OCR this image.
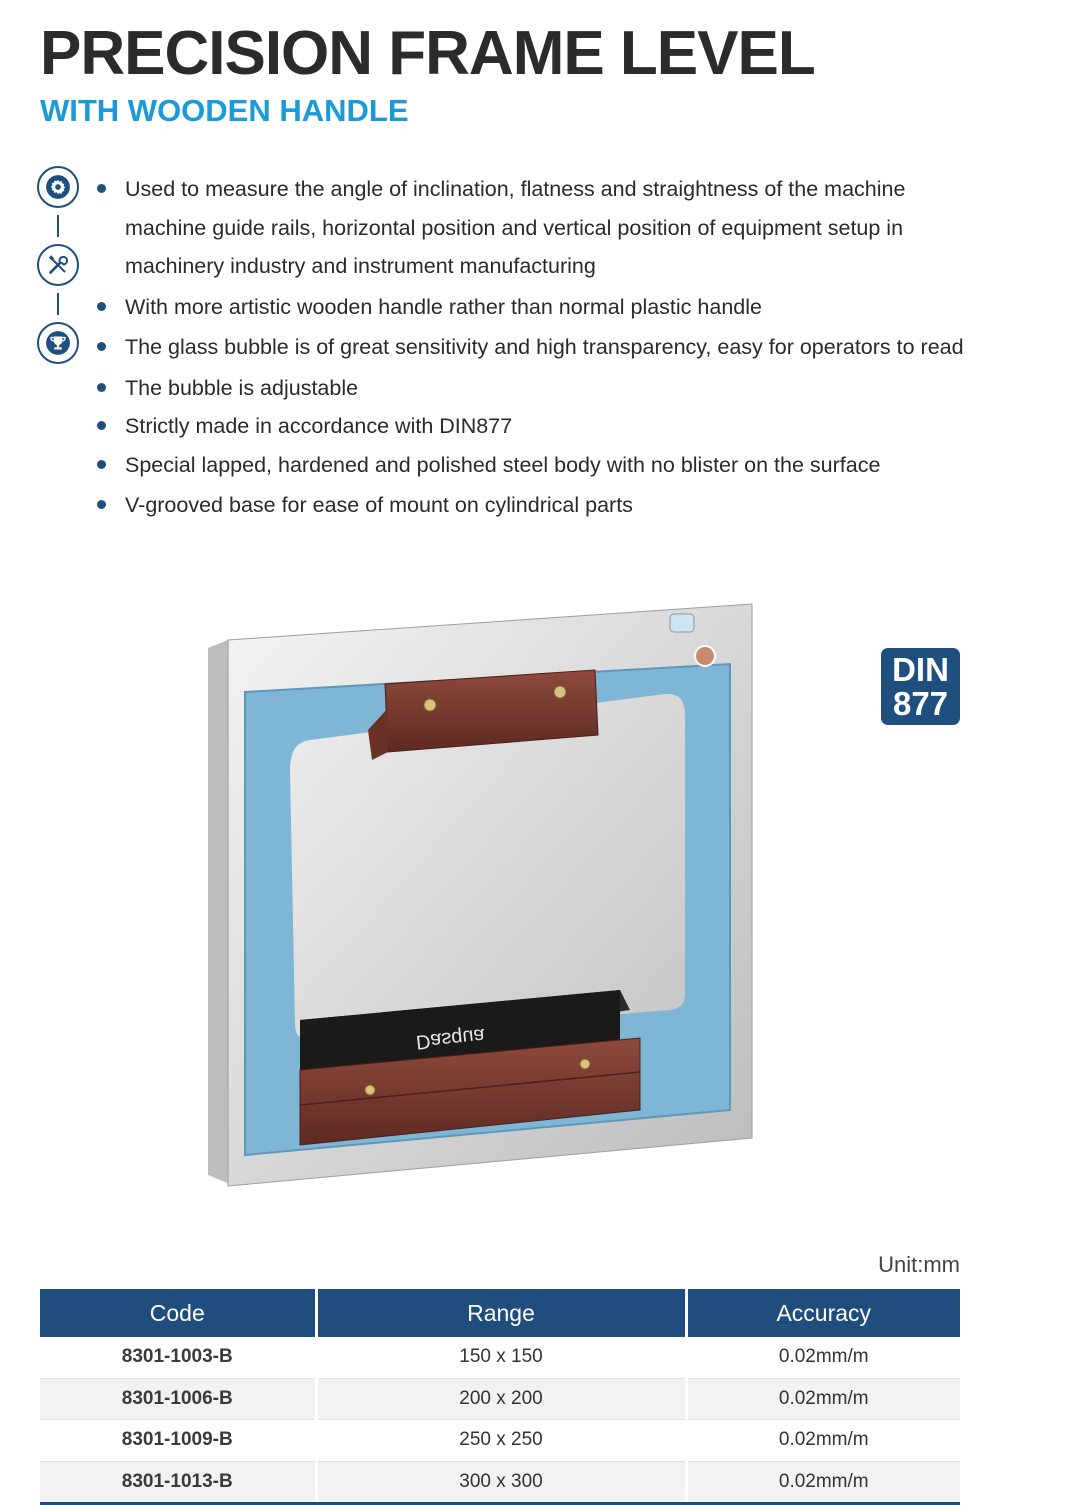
PRECISION FRAME LEVEL
WITH WOODEN HANDLE
Used to measure the angle of inclination, flatness and straightness of the machine machine guide rails, horizontal position and vertical position of equipment setup in machinery industry and instrument manufacturing
With more artistic wooden handle rather than normal plastic handle
The glass bubble is of great sensitivity and high transparency, easy for operators to read
The bubble is adjustable
Strictly made in accordance with DIN877
Special lapped, hardened and polished steel body with no blister on the surface
V-grooved base for ease of mount on cylindrical parts
Dasqua
DIN
877
Unit:mm
Code	Range	Accuracy
8301-1003-B	150 x 150	0.02mm/m
8301-1006-B	200 x 200	0.02mm/m
8301-1009-B	250 x 250	0.02mm/m
8301-1013-B	300 x 300	0.02mm/m
